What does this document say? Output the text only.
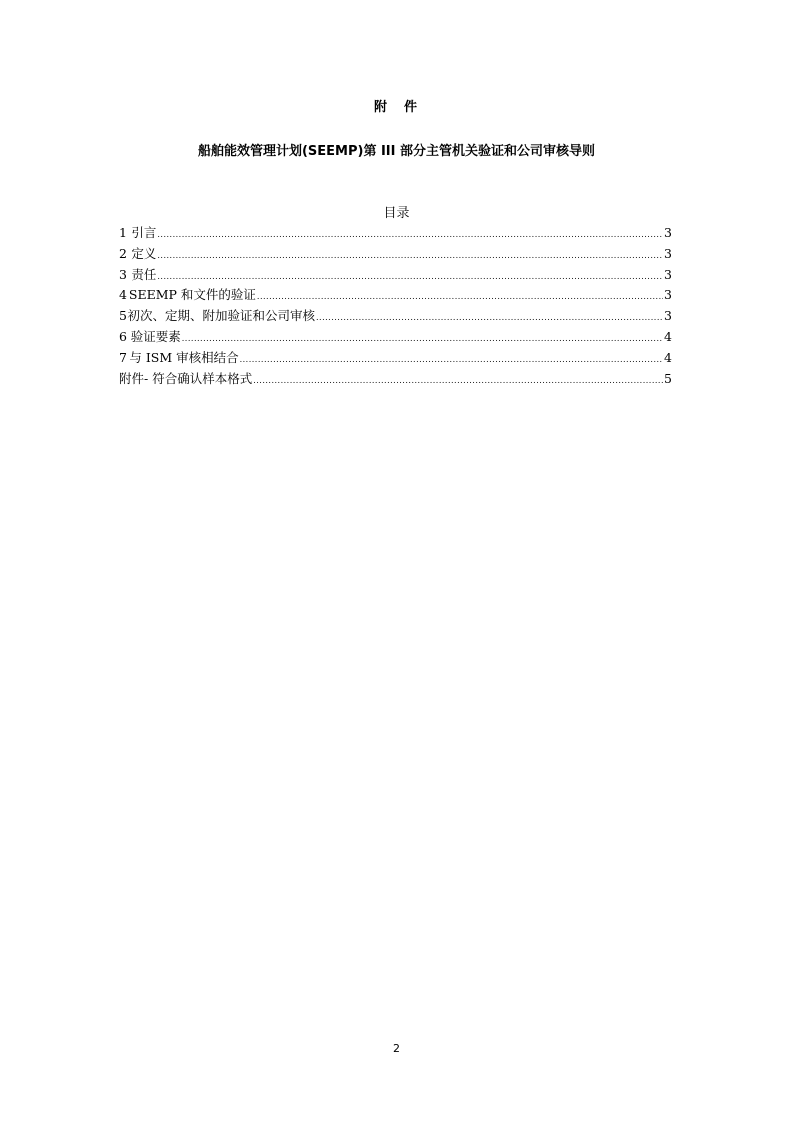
附　件
船舶能效管理计划(SEEMP)第 III 部分主管机关验证和公司审核导则
目录
1 引言 .....	3
2 定义 .....	3
3 责任 .....	3
4 SEEMP 和文件的验证 .....	3
5 初次、定期、附加验证和公司审核 .....	3
6 验证要素 .....	4
7 与 ISM 审核相结合 .....	4
附件- 符合确认样本格式 .....	5
2
